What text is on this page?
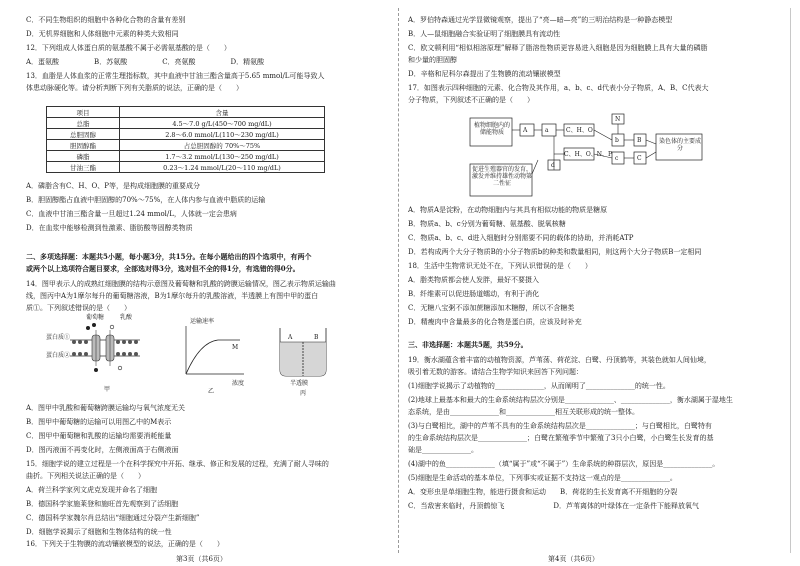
C．不同生物组织的细胞中各种化合物的含量有差别
D．无机界细胞和人体细胞中元素的种类大致相同
12．下列组成人体蛋白质的氨基酸不属于必需氨基酸的是（　　）
A．蛋氨酸　　　　　B．苏氨酸　　　　　C．亮氨酸　　　　　D．精氨酸
13．血脂是人体血浆的正常生理指标数，其中血液中甘油三酯含量高于5.65 mmol/L可能导致人
体患动脉硬化等。请分析判断下列有关脂质的说法，正确的是（　　）
项目	含量
总脂	4.5～7.0 g/L(450～700 mg/dL)
总胆固醇	2.8～6.0 mmol/L(110～230 mg/dL)
胆固醇酯	占总胆固醇的 70%～75%
磷脂	1.7～3.2 mmol/L(130～250 mg/dL)
甘油三酯	0.23～1.24 mmol/L(20～110 mg/dL)
A．磷脂含有C、H、O、P等，是构成细胞膜的重要成分
B．胆固醇酯占血液中胆固醇的70%～75%，在人体内参与血液中脂质的运输
C．血液中甘油三酯含量一旦超过1.24 mmol/L，人体就一定会患病
D．在血浆中能够检测到性激素、脂肪酸等固醇类物质
二、多项选择题：本题共5小题，每小题3分，共15分。在每小题给出的四个选项中，有两个
或两个以上选项符合题目要求，全部选对得3分，选对但不全的得1分，有选错的得0分。
14．图甲表示人的成熟红细胞膜的结构示意图及葡萄糖和乳酸的跨膜运输情况，图乙表示物质运输曲
线，图丙中A为1摩尔每升的葡萄糖溶液，B为1摩尔每升的乳酸溶液，半透膜上有图中甲的蛋白
质①。下列叙述错误的是（　　）
葡萄糖	乳酸
蛋白质①
蛋白质②
甲
运输速率
M
浓度
乙
A	B
半透膜
丙
A．图甲中乳酸和葡萄糖跨膜运输均与氧气浓度无关
B．图甲中葡萄糖的运输可以用图乙中的M表示
C．图甲中葡萄糖和乳酸的运输均需要消耗能量
D．图丙液面不再变化时，左侧液面高于右侧液面
15．细胞学说的建立过程是一个在科学探究中开拓、继承、修正和发展的过程，充满了耐人寻味的
曲折。下列相关说法正确的是（　　）
A．荷兰科学家列文虎克发现并命名了细胞
B．德国科学家施莱登和施旺首先观察到了活细胞
C．德国科学家魏尔肖总结出“细胞通过分裂产生新细胞”
D．细胞学说揭示了细胞和生物体结构的统一性
16．下列关于生物膜的流动镶嵌模型的说法，正确的是（　　）
第3页（共6页）
A．罗伯特森通过光学显微镜观察，提出了“亮—暗—亮”的三明治结构是一种静态模型
B．人—鼠细胞融合实验证明了细胞膜具有流动性
C．欧文顿利用“相似相溶原理”解释了脂溶性物质更容易进入细胞是因为细胞膜上具有大量的磷脂
和少量的胆固醇
D．辛格和尼科尔森提出了生物膜的流动镶嵌模型
17．如图表示四种细胞的元素、化合物及其作用，a、b、c、d代表小分子物质，A、B、C代表大
分子物质，下列叙述不正确的是（　　）
植物细胞内的储能物质	A	a	C、H、O
C、H、O、N、P
N
b
c
B
C
d
染色体的主要成分
促进生殖器官的发育，激发并维持雄性动物第二性征
A．物质A是淀粉，在动物细胞内与其具有相似功能的物质是糖原
B．物质a、b、c分别为葡萄糖、氨基酸、脱氧核糖
C．物质a、b、c、d进入细胞时分别需要不同的载体的协助，并消耗ATP
D．若构成两个大分子物质B的小分子物质b的种类和数量相同，则这两个大分子物质B一定相同
18．生活中生物常识无处不在，下列认识错误的是（　　）
A．脂类物质都会使人发胖，最好不要摄入
B．纤维素可以促进肠道蠕动，有利于消化
C．无糖八宝粥不添加蔗糖添加木糖醇，所以不含糖类
D．精瘦肉中含量最多的化合物是蛋白质，应该及时补充
三、非选择题：本题共5题，共59分。
19．衡水湖蕴含着丰富的动植物资源，芦苇荡、荷花淀、白鹭、丹顶鹤等，其装色就如人间仙境，
吸引着无数的游客。请结合生物学知识来回答下列问题：
(1)细胞学说揭示了动植物的______________，从而阐明了______________的统一性。
(2)地球上最基本和最大的生命系统结构层次分别是______________、______________，衡水湖属于湿地生
态系统，是由______________和______________相互关联形成的统一整体。
(3)与白鹭相比，湖中的芦苇不具有的生命系统结构层次是______________；与白鹭相比，白鹭特有
的生命系统结构层次是______________；白鹭在繁殖季节中繁殖了3只小白鹭，小白鹭生长发育的基
础是______________。
(4)湖中的鱼______________（填“属于”或“不属于”）生命系统的种群层次，原因是______________。
(5)细胞是生命活动的基本单位，下列事实或证据不支持这一观点的是______________。
A．变形虫是单细胞生物，能进行摄食和运动　　B．荷花的生长发育离不开细胞的分裂
C．当敌害来临时，丹顶鹤惊飞　　　　　　　D．芦苇离体的叶绿体在一定条件下能释放氧气
第4页（共6页）
